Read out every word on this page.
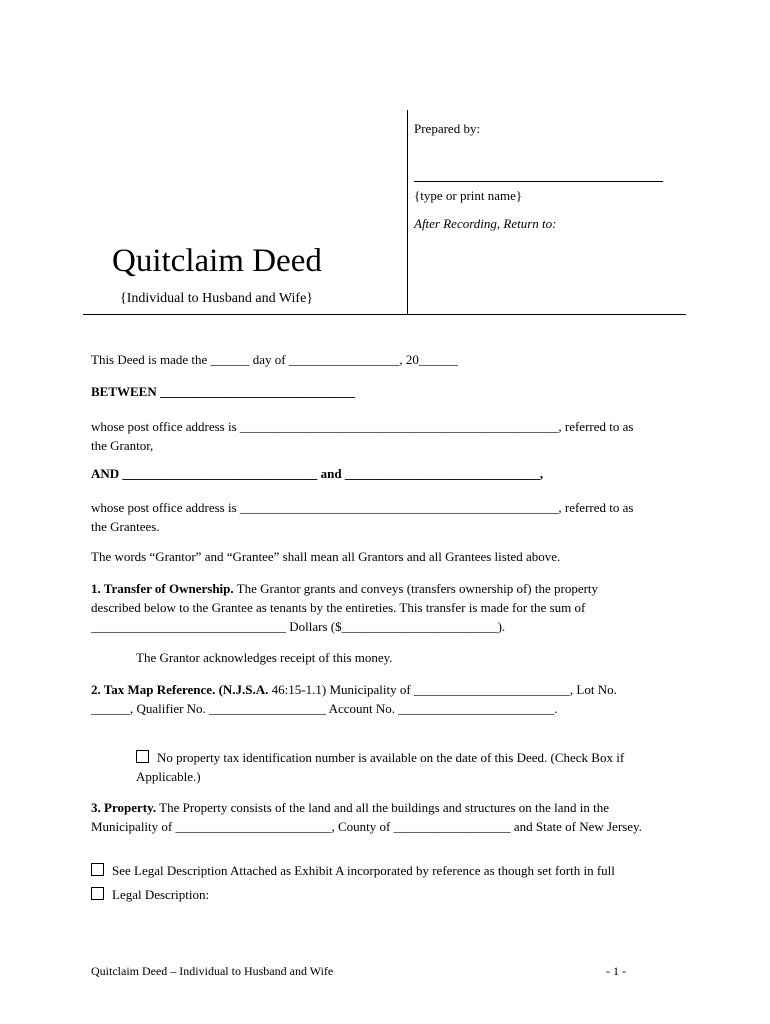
Prepared by:
{type or print name}
After Recording, Return to:
Quitclaim Deed
{Individual to Husband and Wife}
This Deed is made the ______ day of _________________, 20______
BETWEEN ______________________________
whose post office address is _________________________________________________, referred to as
the Grantor,
AND ______________________________ and ______________________________,
whose post office address is _________________________________________________, referred to as
the Grantees.
The words “Grantor” and “Grantee” shall mean all Grantors and all Grantees listed above.
1. Transfer of Ownership. The Grantor grants and conveys (transfers ownership of) the property
described below to the Grantee as tenants by the entireties. This transfer is made for the sum of
______________________________ Dollars ($________________________).
The Grantor acknowledges receipt of this money.
2. Tax Map Reference. (N.J.S.A. 46:15-1.1) Municipality of ________________________, Lot No.
______, Qualifier No. __________________ Account No. ________________________.
No property tax identification number is available on the date of this Deed. (Check Box if
Applicable.)
3. Property. The Property consists of the land and all the buildings and structures on the land in the
Municipality of ________________________, County of __________________ and State of New Jersey.
See Legal Description Attached as Exhibit A incorporated by reference as though set forth in full
Legal Description:
Quitclaim Deed – Individual to Husband and Wife	- 1 -
